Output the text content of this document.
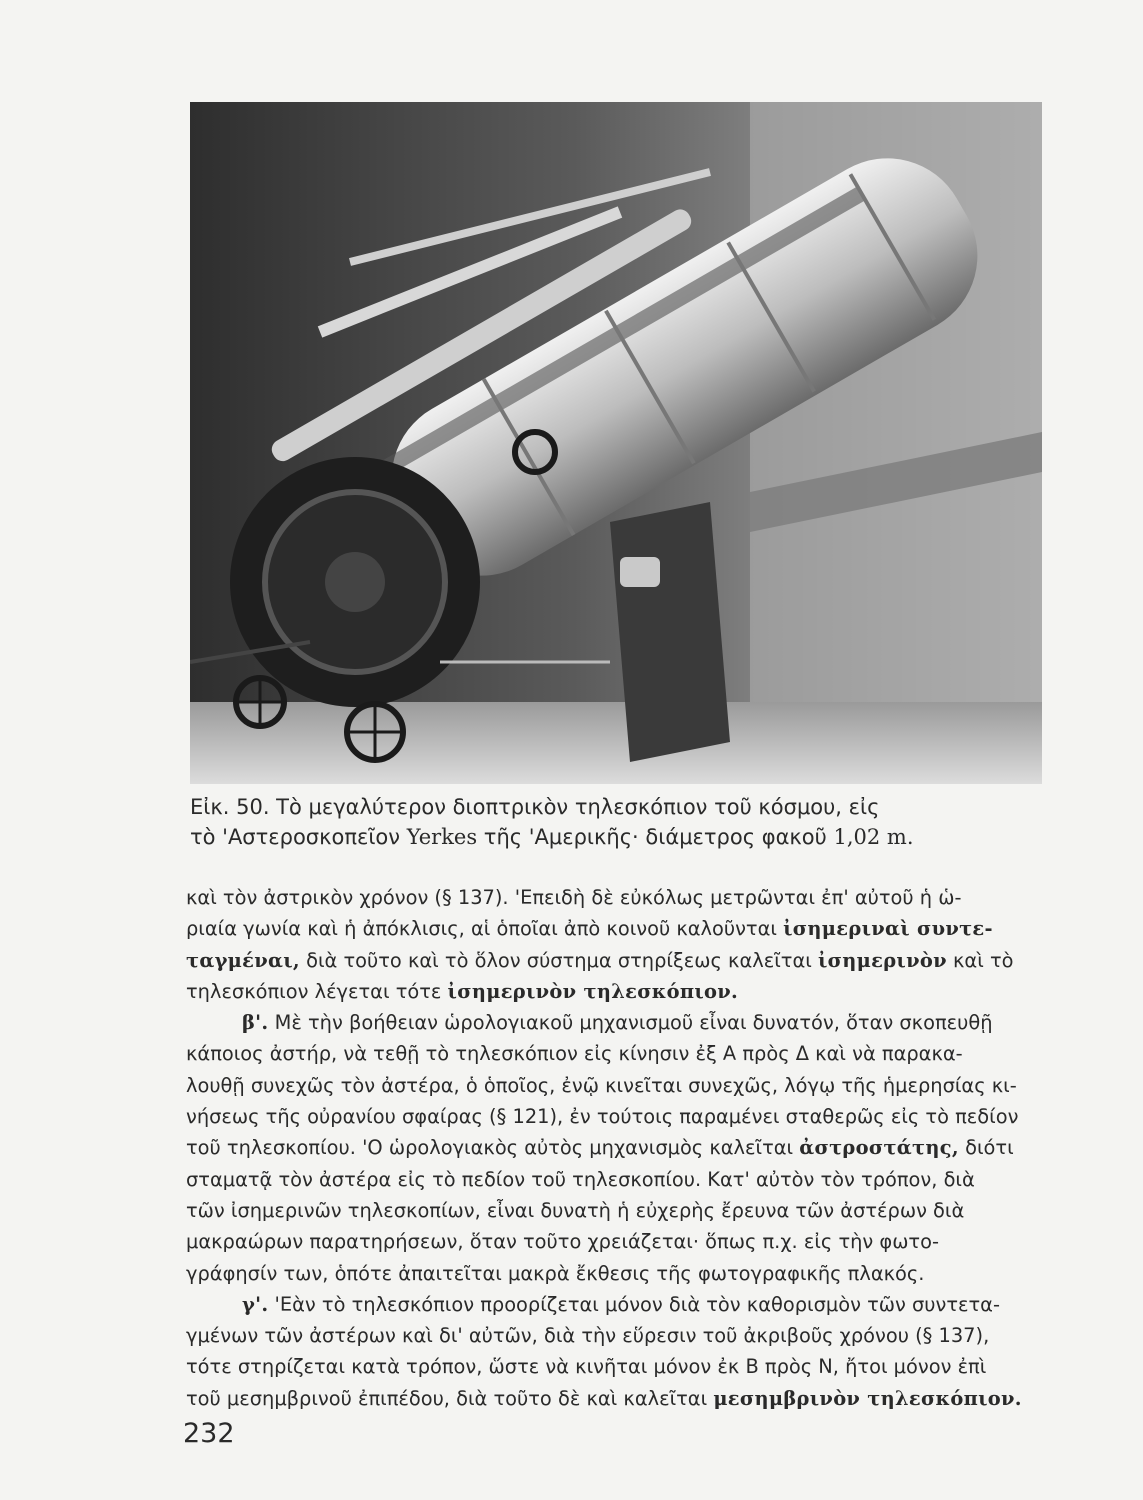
Εἰκ. 50. Τὸ μεγαλύτερον διοπτρικὸν τηλεσκόπιον τοῦ κόσμου, εἰς
τὸ 'Αστεροσκοπεῖον Yerkes τῆς 'Αμερικῆς· διάμετρος φακοῦ 1,02 m.
καὶ τὸν ἀστρικὸν χρόνον (§ 137). 'Επειδὴ δὲ εὐκόλως μετρῶνται ἐπ' αὐτοῦ ἡ ὡ-
ριαία γωνία καὶ ἡ ἀπόκλισις, αἱ ὁποῖαι ἀπὸ κοινοῦ καλοῦνται ἰσημεριναὶ συντε-
ταγμέναι, διὰ τοῦτο καὶ τὸ ὅλον σύστημα στηρίξεως καλεῖται ἰσημερινὸν καὶ τὸ
τηλεσκόπιον λέγεται τότε ἰσημερινὸν τηλεσκόπιον.
β'. Μὲ τὴν βοήθειαν ὡρολογιακοῦ μηχανισμοῦ εἶναι δυνατόν, ὅταν σκοπευθῇ
κάποιος ἀστήρ, νὰ τεθῇ τὸ τηλεσκόπιον εἰς κίνησιν ἐξ Α πρὸς Δ καὶ νὰ παρακα-
λουθῇ συνεχῶς τὸν ἀστέρα, ὁ ὁποῖος, ἐνῷ κινεῖται συνεχῶς, λόγῳ τῆς ἡμερησίας κι-
νήσεως τῆς οὐρανίου σφαίρας (§ 121), ἐν τούτοις παραμένει σταθερῶς εἰς τὸ πεδίον
τοῦ τηλεσκοπίου. 'Ο ὡρολογιακὸς αὐτὸς μηχανισμὸς καλεῖται ἀστροστάτης, διότι
σταματᾷ τὸν ἀστέρα εἰς τὸ πεδίον τοῦ τηλεσκοπίου. Κατ' αὐτὸν τὸν τρόπον, διὰ
τῶν ἰσημερινῶν τηλεσκοπίων, εἶναι δυνατὴ ἡ εὐχερὴς ἔρευνα τῶν ἀστέρων διὰ
μακραώρων παρατηρήσεων, ὅταν τοῦτο χρειάζεται· ὅπως π.χ. εἰς τὴν φωτο-
γράφησίν των, ὁπότε ἀπαιτεῖται μακρὰ ἔκθεσις τῆς φωτογραφικῆς πλακός.
γ'. 'Εὰν τὸ τηλεσκόπιον προορίζεται μόνον διὰ τὸν καθορισμὸν τῶν συντετα-
γμένων τῶν ἀστέρων καὶ δι' αὐτῶν, διὰ τὴν εὕρεσιν τοῦ ἀκριβοῦς χρόνου (§ 137),
τότε στηρίζεται κατὰ τρόπον, ὥστε νὰ κινῆται μόνον ἐκ Β πρὸς Ν, ἤτοι μόνον ἐπὶ
τοῦ μεσημβρινοῦ ἐπιπέδου, διὰ τοῦτο δὲ καὶ καλεῖται μεσημβρινὸν τηλεσκόπιον.
232
